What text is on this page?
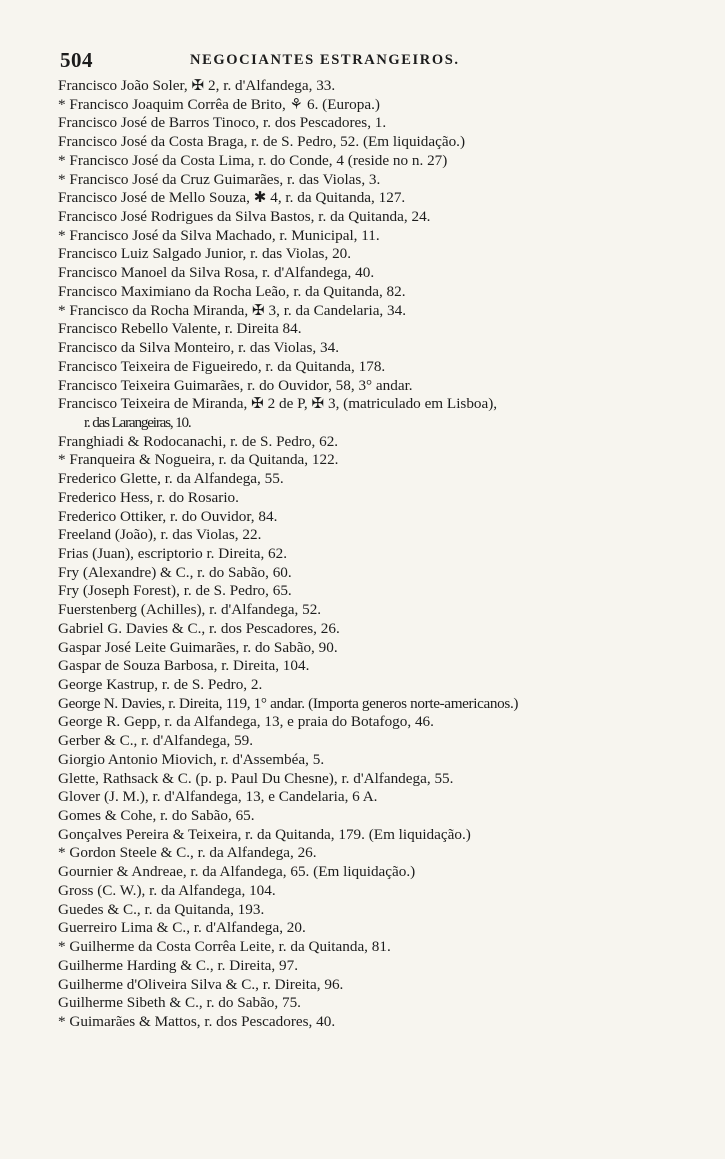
504	NEGOCIANTES ESTRANGEIROS.
Francisco João Soler, ✠ 2, r. d'Alfandega, 33.
* Francisco Joaquim Corrêa de Brito, ⚘ 6. (Europa.)
Francisco José de Barros Tinoco, r. dos Pescadores, 1.
Francisco José da Costa Braga, r. de S. Pedro, 52. (Em liquidação.)
* Francisco José da Costa Lima, r. do Conde, 4 (reside no n. 27)
* Francisco José da Cruz Guimarães, r. das Violas, 3.
Francisco José de Mello Souza, ✱ 4, r. da Quitanda, 127.
Francisco José Rodrigues da Silva Bastos, r. da Quitanda, 24.
* Francisco José da Silva Machado, r. Municipal, 11.
Francisco Luiz Salgado Junior, r. das Violas, 20.
Francisco Manoel da Silva Rosa, r. d'Alfandega, 40.
Francisco Maximiano da Rocha Leão, r. da Quitanda, 82.
* Francisco da Rocha Miranda, ✠ 3, r. da Candelaria, 34.
Francisco Rebello Valente, r. Direita 84.
Francisco da Silva Monteiro, r. das Violas, 34.
Francisco Teixeira de Figueiredo, r. da Quitanda, 178.
Francisco Teixeira Guimarães, r. do Ouvidor, 58, 3° andar.
Francisco Teixeira de Miranda, ✠ 2 de P, ✠ 3, (matriculado em Lisboa),
r. das Larangeiras, 10.
Franghiadi & Rodocanachi, r. de S. Pedro, 62.
* Franqueira & Nogueira, r. da Quitanda, 122.
Frederico Glette, r. da Alfandega, 55.
Frederico Hess, r. do Rosario.
Frederico Ottiker, r. do Ouvidor, 84.
Freeland (João), r. das Violas, 22.
Frias (Juan), escriptorio r. Direita, 62.
Fry (Alexandre) & C., r. do Sabão, 60.
Fry (Joseph Forest), r. de S. Pedro, 65.
Fuerstenberg (Achilles), r. d'Alfandega, 52.
Gabriel G. Davies & C., r. dos Pescadores, 26.
Gaspar José Leite Guimarães, r. do Sabão, 90.
Gaspar de Souza Barbosa, r. Direita, 104.
George Kastrup, r. de S. Pedro, 2.
George N. Davies, r. Direita, 119, 1° andar. (Importa generos norte-americanos.)
George R. Gepp, r. da Alfandega, 13, e praia do Botafogo, 46.
Gerber & C., r. d'Alfandega, 59.
Giorgio Antonio Miovich, r. d'Assembéa, 5.
Glette, Rathsack & C. (p. p. Paul Du Chesne), r. d'Alfandega, 55.
Glover (J. M.), r. d'Alfandega, 13, e Candelaria, 6 A.
Gomes & Cohe, r. do Sabão, 65.
Gonçalves Pereira & Teixeira, r. da Quitanda, 179. (Em liquidação.)
* Gordon Steele & C., r. da Alfandega, 26.
Gournier & Andreae, r. da Alfandega, 65. (Em liquidação.)
Gross (C. W.), r. da Alfandega, 104.
Guedes & C., r. da Quitanda, 193.
Guerreiro Lima & C., r. d'Alfandega, 20.
* Guilherme da Costa Corrêa Leite, r. da Quitanda, 81.
Guilherme Harding & C., r. Direita, 97.
Guilherme d'Oliveira Silva & C., r. Direita, 96.
Guilherme Sibeth & C., r. do Sabão, 75.
* Guimarães & Mattos, r. dos Pescadores, 40.
